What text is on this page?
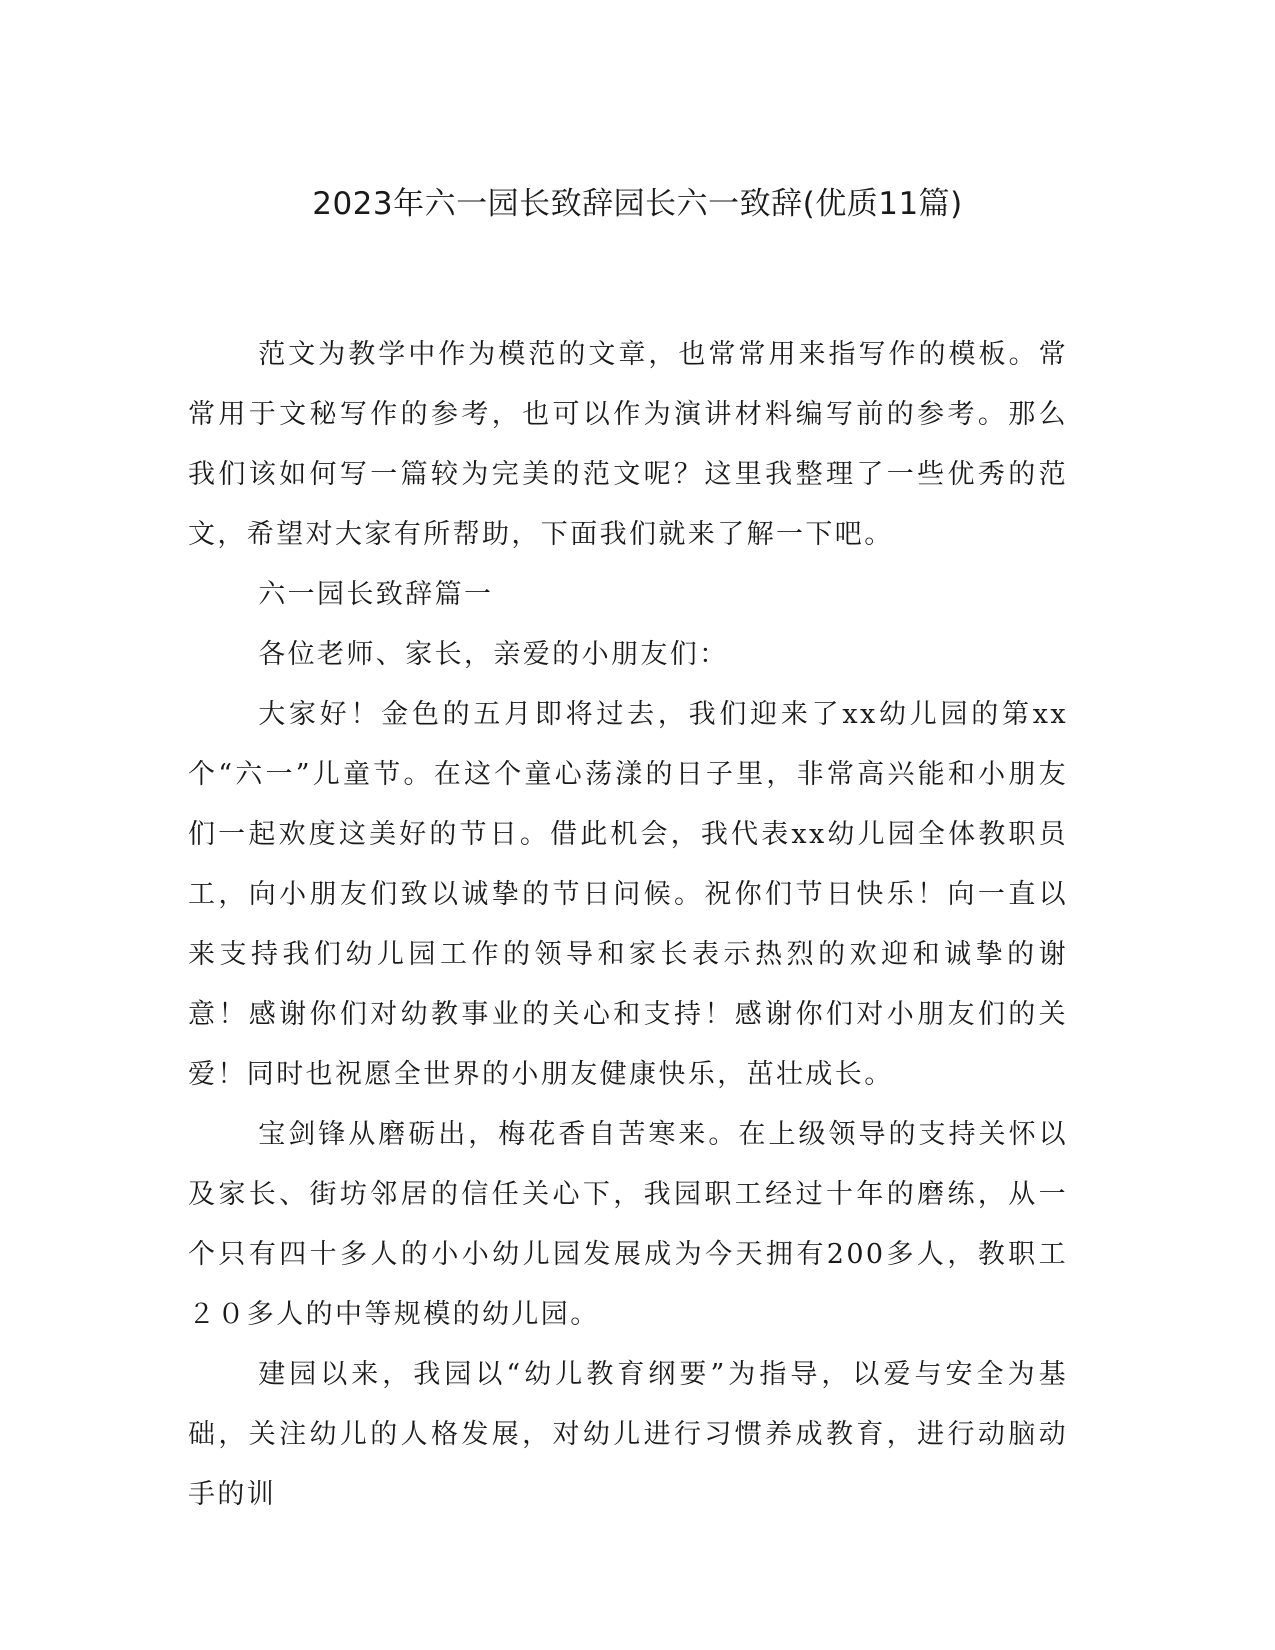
2023年六一园长致辞园长六一致辞(优质11篇)

范文为教学中作为模范的文章，也常常用来指写作的模板。常常用于文秘写作的参考，也可以作为演讲材料编写前的参考。那么我们该如何写一篇较为完美的范文呢？这里我整理了一些优秀的范文，希望对大家有所帮助，下面我们就来了解一下吧。

六一园长致辞篇一

各位老师、家长，亲爱的小朋友们：

大家好！金色的五月即将过去，我们迎来了xx幼儿园的第xx个“六一”儿童节。在这个童心荡漾的日子里，非常高兴能和小朋友们一起欢度这美好的节日。借此机会，我代表xx幼儿园全体教职员工，向小朋友们致以诚挚的节日问候。祝你们节日快乐！向一直以来支持我们幼儿园工作的领导和家长表示热烈的欢迎和诚挚的谢意！感谢你们对幼教事业的关心和支持！感谢你们对小朋友们的关爱！同时也祝愿全世界的小朋友健康快乐，茁壮成长。

宝剑锋从磨砺出，梅花香自苦寒来。在上级领导的支持关怀以及家长、街坊邻居的信任关心下，我园职工经过十年的磨练，从一个只有四十多人的小小幼儿园发展成为今天拥有200多人，教职工２０多人的中等规模的幼儿园。

建园以来，我园以“幼儿教育纲要”为指导，以爱与安全为基础，关注幼儿的人格发展，对幼儿进行习惯养成教育，进行动脑动手的训
